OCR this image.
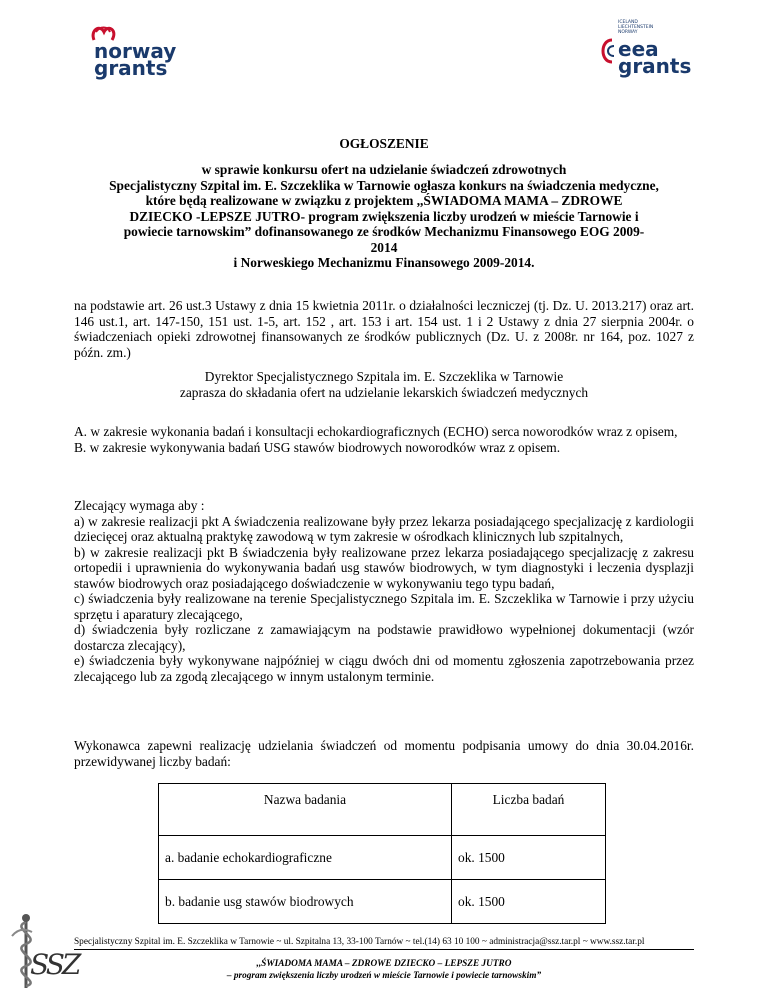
norway
grants
ICELAND
LIECHTENSTEIN
NORWAY
eea
grants
OGŁOSZENIE
w sprawie konkursu ofert na udzielanie świadczeń zdrowotnych
Specjalistyczny Szpital im. E. Szczeklika w Tarnowie ogłasza konkurs na świadczenia medyczne,
które będą realizowane w związku z projektem ,,ŚWIADOMA MAMA – ZDROWE
DZIECKO -LEPSZE JUTRO- program zwiększenia liczby urodzeń w mieście Tarnowie i
powiecie tarnowskim” dofinansowanego ze środków Mechanizmu Finansowego EOG 2009-
2014
i Norweskiego Mechanizmu Finansowego 2009-2014.
na podstawie art. 26 ust.3 Ustawy z dnia 15 kwietnia 2011r. o działalności leczniczej (tj. Dz. U. 2013.217) oraz art. 146 ust.1, art. 147-150, 151 ust. 1-5, art. 152 , art. 153 i art. 154 ust. 1 i 2 Ustawy z dnia 27 sierpnia 2004r. o świadczeniach opieki zdrowotnej finansowanych ze środków publicznych (Dz. U. z 2008r. nr 164, poz. 1027 z późn. zm.)
Dyrektor Specjalistycznego Szpitala im. E. Szczeklika w Tarnowie
zaprasza do składania ofert na udzielanie lekarskich świadczeń medycznych

A. w zakresie wykonania badań i konsultacji echokardiograficznych (ECHO) serca noworodków wraz z opisem,

B. w zakresie wykonywania badań USG stawów biodrowych noworodków wraz z opisem.

Zlecający wymaga aby :

a) w zakresie realizacji pkt A świadczenia realizowane były przez lekarza posiadającego specjalizację z kardiologii dziecięcej oraz aktualną praktykę zawodową w tym zakresie w ośrodkach klinicznych lub szpitalnych,

b) w zakresie realizacji pkt B świadczenia były realizowane przez lekarza posiadającego specjalizację z zakresu ortopedii i uprawnienia do wykonywania badań usg stawów biodrowych, w tym diagnostyki i leczenia dysplazji stawów biodrowych oraz posiadającego doświadczenie w wykonywaniu tego typu badań,

c) świadczenia były realizowane na terenie Specjalistycznego Szpitala im. E. Szczeklika w Tarnowie i przy użyciu sprzętu i aparatury zlecającego,

d) świadczenia były rozliczane z zamawiającym na podstawie prawidłowo wypełnionej dokumentacji (wzór dostarcza zlecający),

e) świadczenia były wykonywane najpóźniej w ciągu dwóch dni od momentu zgłoszenia zapotrzebowania przez zlecającego lub za zgodą zlecającego w innym ustalonym terminie.

Wykonawca zapewni realizację udzielania świadczeń od momentu podpisania umowy do dnia 30.04.2016r. przewidywanej liczby badań:
Nazwa badania	Liczba badań
a. badanie echokardiograficzne	ok. 1500
b. badanie usg stawów biodrowych	ok. 1500
SSZ
Specjalistyczny Szpital im. E. Szczeklika w Tarnowie ~ ul. Szpitalna 13, 33-100 Tarnów ~ tel.(14) 63 10 100 ~ administracja@ssz.tar.pl ~ www.ssz.tar.pl
,,ŚWIADOMA MAMA – ZDROWE DZIECKO – LEPSZE JUTRO
– program zwiększenia liczby urodzeń w mieście Tarnowie i powiecie tarnowskim”
